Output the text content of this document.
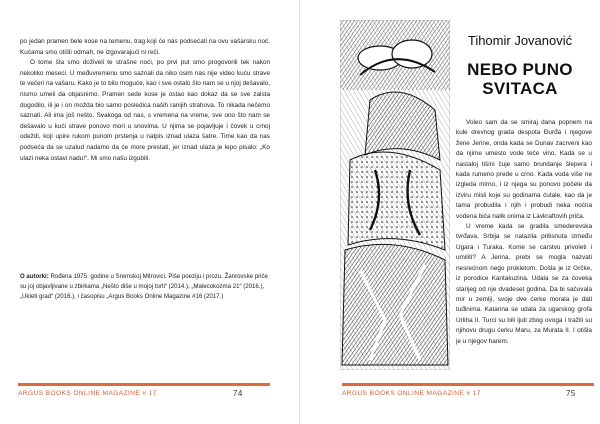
po jedan pramen bele kose na temenu, trag koji će nas podsećati na ovu vašarsku noć. Kućama smo otišli odmah, ne izgovarajući ni reči.

O tome šta smo doživeli te strašne noći, po prvi put smo progovorili tek nakon nekoliko meseci. U međuvremenu smo saznali da niko osim nas nije video kuću strave te večeri na vašaru. Kako je to bilo moguće, kao i sve ostalo što nam se u njoj dešavalo, nismo umeli da objasnimo. Pramen sede kose je ostao kao dokaz da se sve zaista dogodilo, ili je i on možda bio samo posledica naših ranijih strahova. To nikada nećemo saznati. Ali ima još nešto. Svakoga od nas, s vremena na vreme, sve ono što nam se dešavalo u kući strave ponovo mori u snovima. U njima se pojavljuje i čovek u crnoj odeždi, koji upire rukom punom prstenja u natpis iznad ulaza šatre. Time kao da nas podseća da se uzalud nadamo da će more prestati, jer iznad ulaza je lepo pisalo: „Ko ulazi neka ostavi nadu!“. Mi smo našu izgubili.

O autorki: Rođena 1975. godine u Sremskoj Mitrovici. Piše poeziju i prozu. Žanrovske priče su joj objavljivane u zbirkama „Nešto diše u mojoj torti“ (2014.), „Malecokozma 21“ (2016.), „Ukleti grad“ (2016.), i časopisu „Argus Books Online Magazine #16 (2017.)
ARGUS BOOKS ONLINE MAGAZINE # 17	74
Tihomir Jovanović
NEBO PUNO
SVITACA

Voleo sam da se smiraj dana popnem na kule drevnog grada despota Đurđa i njegove žene Jerine, onda kada se Dunav zacrveni kao da njime umesto vode teče vino. Kada se u nastaloj tišini čuje samo brundanje šlepera i kada rumeno prede u crno. Kada voda više ne izgleda mirno, i iz njega su ponovo počele da izviru misli koje su godinama ćutale, kao da je tama probudila i njih i probudi neka noćna vodena bića nalik onima iz Lavkraftovih priča.

U vreme kada se gradila smederevska tvrđava, Srbija se nalazila pritisnuta između Ugara i Turaka. Kome se carstvu privoleti i umiliti? A Jerina, prebi se mogla nazvati nesrećnom nego prokletom. Došla je iz Grčke, iz porodice Kantakuzina. Udala se za čoveka starijeg od nje dvadeset godina. Da bi sačuvala mir u zemlji, svoje dve ćerke morala je dati tuđinima. Katarina se udala za ugarskog grofa Urliha II. Turci su bili ljuti zbog ovoga i tražili su njihovu drugu ćerku Maru, za Murata II. I otišla je u njegov harem.

ARGUS BOOKS ONLINE MAGAZINE # 17	75
